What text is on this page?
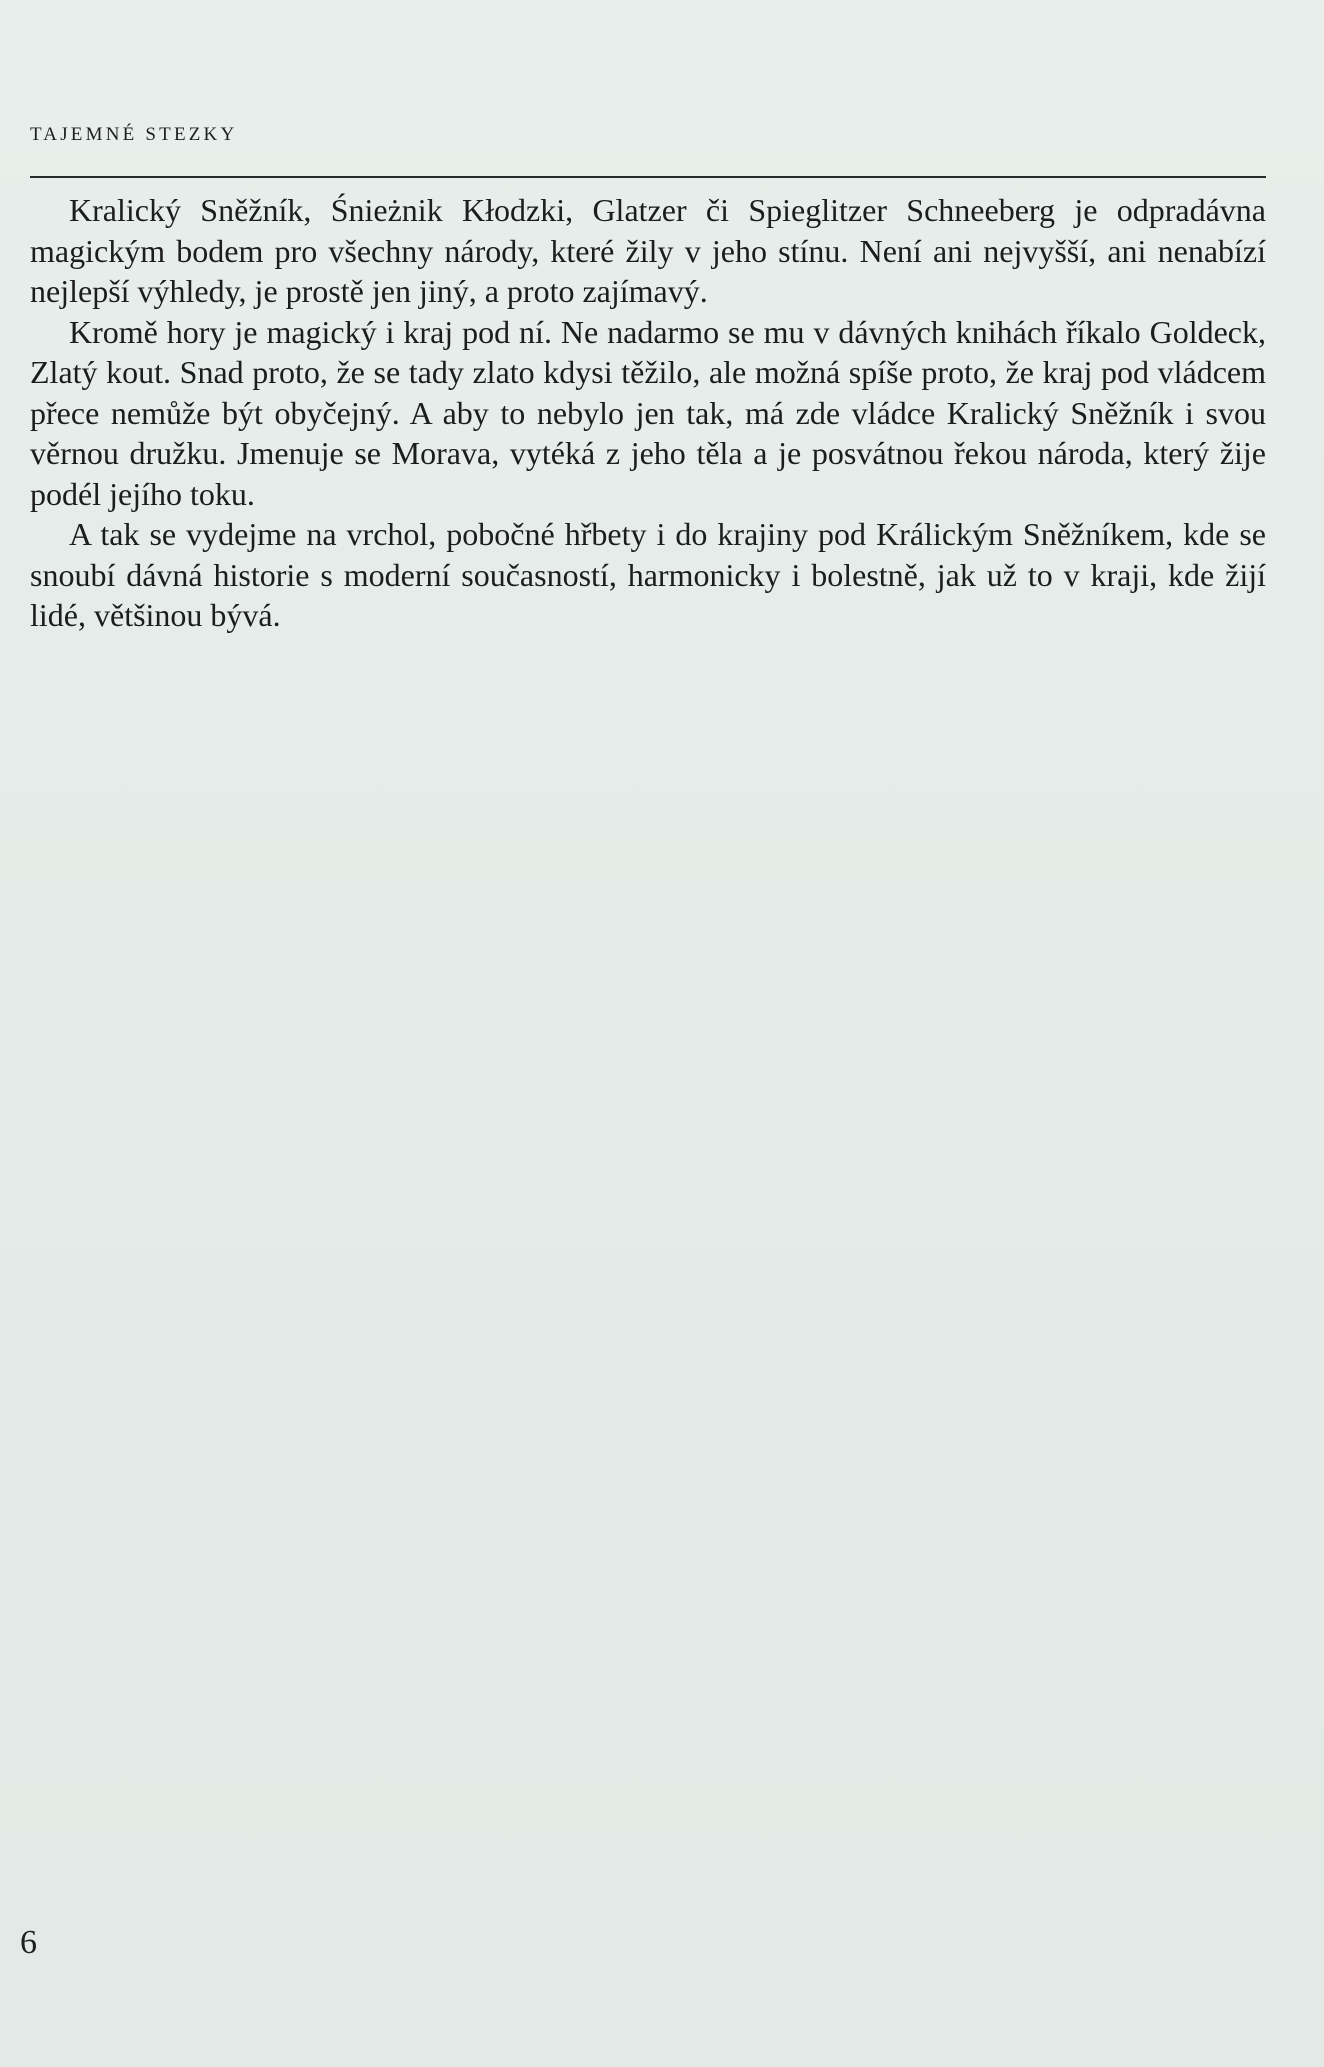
TAJEMNÉ STEZKY

Kralický Sněžník, Śnieżnik Kłodzki, Glatzer či Spieglitzer Schneeberg je odpradávna magickým bodem pro všechny národy, které žily v jeho stínu. Není ani nejvyšší, ani nenabízí nejlepší výhledy, je prostě jen jiný, a proto zajímavý.

Kromě hory je magický i kraj pod ní. Ne nadarmo se mu v dávných knihách říkalo Goldeck, Zlatý kout. Snad proto, že se tady zlato kdysi těžilo, ale možná spíše proto, že kraj pod vládcem přece nemůže být obyčejný. A aby to nebylo jen tak, má zde vládce Kralický Sněžník i svou věrnou družku. Jmenuje se Morava, vytéká z jeho těla a je posvátnou řekou národa, který žije podél jejího toku.

A tak se vydejme na vrchol, pobočné hřbety i do krajiny pod Králickým Sněžníkem, kde se snoubí dávná historie s moderní současností, harmonicky i bolestně, jak už to v kraji, kde žijí lidé, většinou bývá.

6
